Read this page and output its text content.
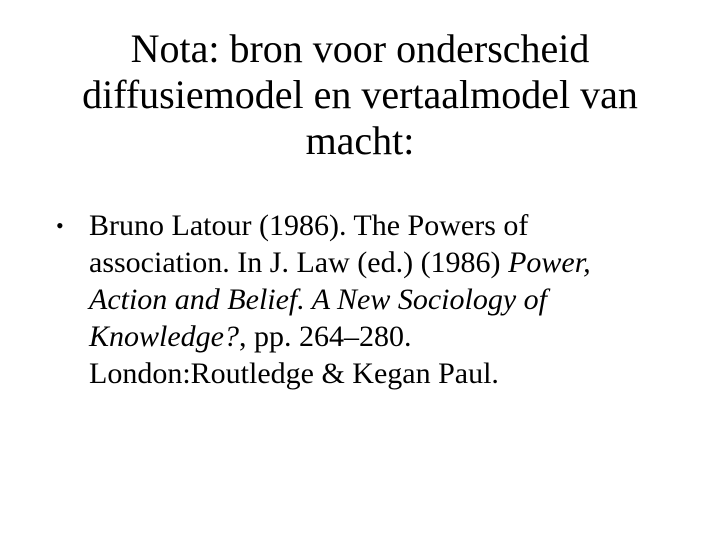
Nota: bron voor onderscheid
diffusiemodel en vertaalmodel van
macht:
• Bruno Latour (1986). The Powers of
association. In J. Law (ed.) (1986) Power,
Action and Belief. A New Sociology of
Knowledge?, pp. 264–280.
London:Routledge & Kegan Paul.
